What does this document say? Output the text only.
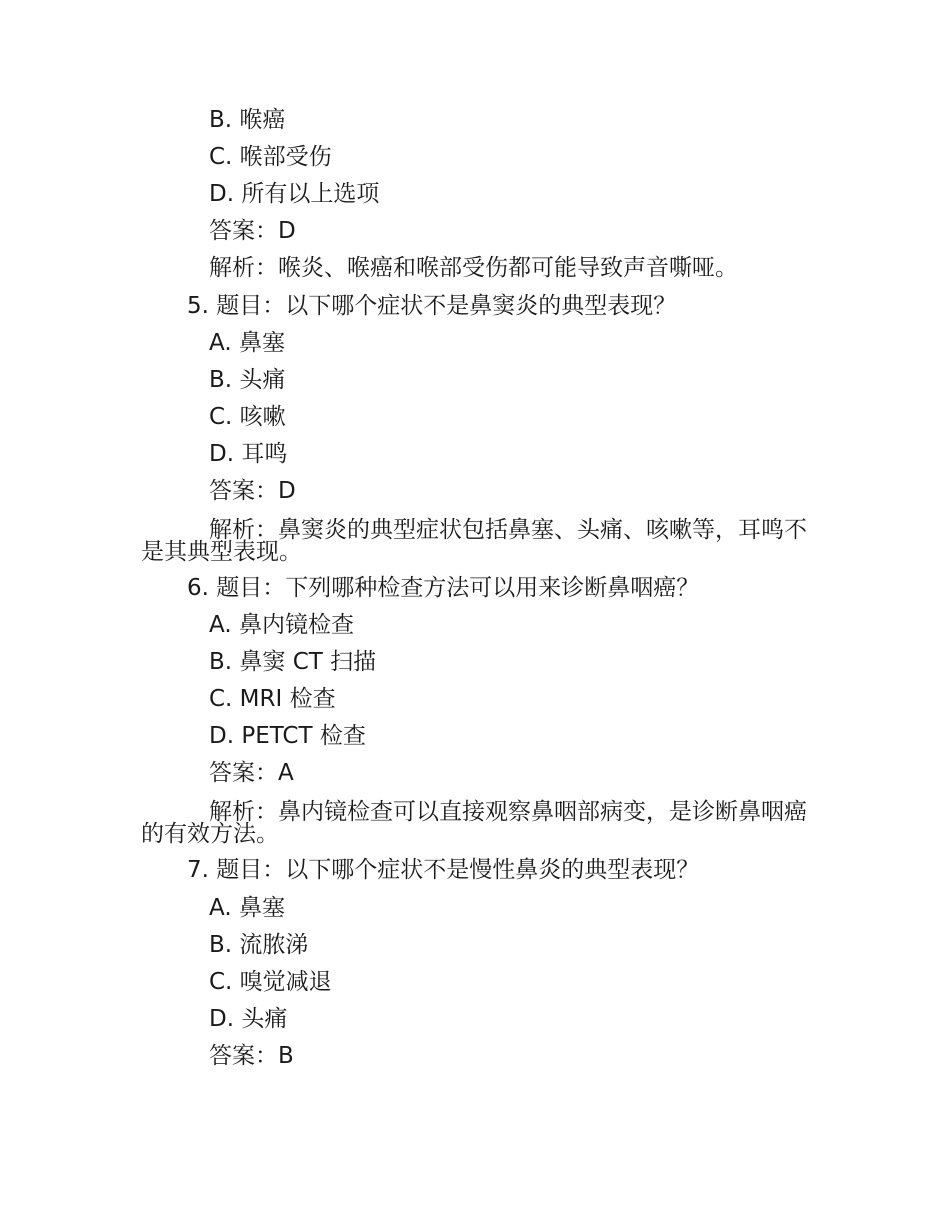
B. 喉癌
C. 喉部受伤
D. 所有以上选项
答案：D
解析：喉炎、喉癌和喉部受伤都可能导致声音嘶哑。
5. 题目：以下哪个症状不是鼻窦炎的典型表现？
A. 鼻塞
B. 头痛
C. 咳嗽
D. 耳鸣
答案：D
解析：鼻窦炎的典型症状包括鼻塞、头痛、咳嗽等，耳鸣不是其典型表现。
6. 题目：下列哪种检查方法可以用来诊断鼻咽癌？
A. 鼻内镜检查
B. 鼻窦 CT 扫描
C. MRI 检查
D. PETCT 检查
答案：A
解析：鼻内镜检查可以直接观察鼻咽部病变，是诊断鼻咽癌的有效方法。
7. 题目：以下哪个症状不是慢性鼻炎的典型表现？
A. 鼻塞
B. 流脓涕
C. 嗅觉减退
D. 头痛
答案：B
